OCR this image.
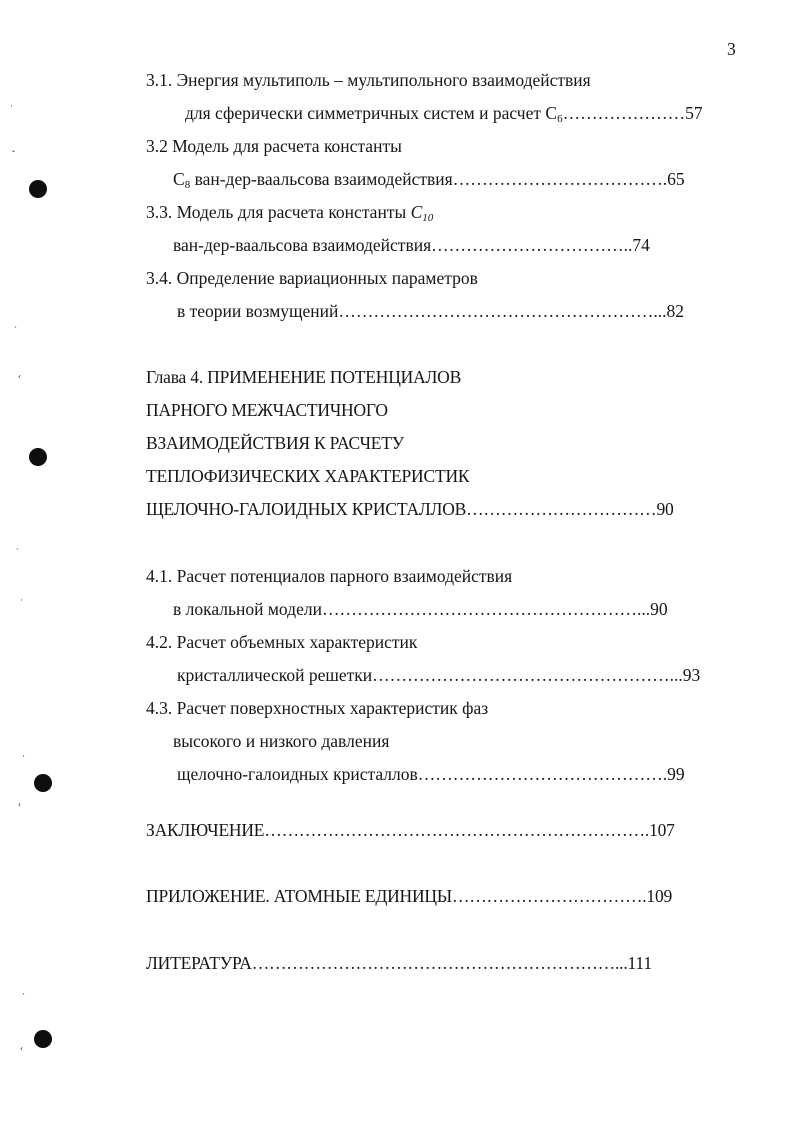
3
·
ˇ
`
‹
`
·
·
‹
·
‹
3.1. Энергия мультиполь – мультипольного взаимодействия
для сферически симметричных систем и расчет $C_6\dots\dots\dots\dots\dots\dots\dots 57$
3.2 Модель для расчета константы
$C_8$ ван-дер-ваальсова взаимодействия……………………………….65
3.3. Модель для расчета константы $C_{10}$
ван-дер-ваальсова взаимодействия……………………………..74
3.4. Определение вариационных параметров
в теории возмущений………………………………………………...82
Глава 4. ПРИМЕНЕНИЕ ПОТЕНЦИАЛОВ
ПАРНОГО МЕЖЧАСТИЧНОГО
ВЗАИМОДЕЙСТВИЯ К РАСЧЕТУ
ТЕПЛОФИЗИЧЕСКИХ ХАРАКТЕРИСТИК
ЩЕЛОЧНО-ГАЛОИДНЫХ КРИСТАЛЛОВ……………………………90
4.1. Расчет потенциалов парного взаимодействия
в локальной модели………………………………………………...90
4.2. Расчет объемных характеристик
кристаллической решетки……………………………………………...93
4.3. Расчет поверхностных характеристик фаз
высокого и низкого давления
щелочно-галоидных кристаллов…………………………………….99
ЗАКЛЮЧЕНИЕ………………………………………………………….107
ПРИЛОЖЕНИЕ. АТОМНЫЕ ЕДИНИЦЫ…………………………….109
ЛИТЕРАТУРА………………………………………………………...111
